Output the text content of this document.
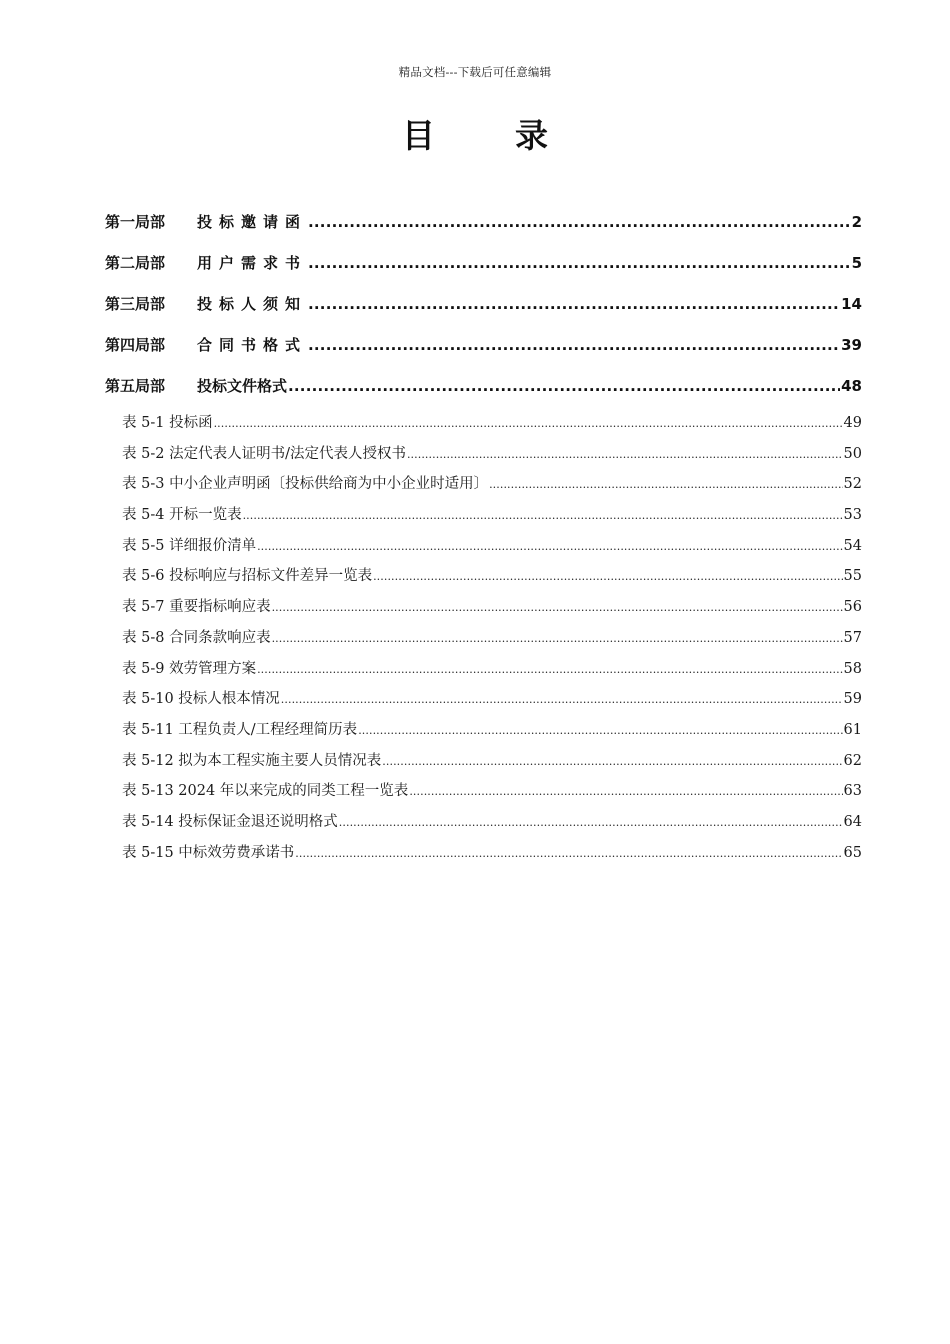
精品文档---下载后可任意编辑
目 录
第一局部	投标邀请函 .....	2
第二局部	用户需求书 .....	5
第三局部	投标人须知 .....	14
第四局部	合同书格式 .....	39
第五局部	投标文件格式 .....	48
表 5-1 投标函 .....	49
表 5-2 法定代表人证明书/法定代表人授权书 .....	50
表 5-3 中小企业声明函〔投标供给商为中小企业时适用〕 .....	52
表 5-4 开标一览表 .....	53
表 5-5 详细报价清单 .....	54
表 5-6 投标响应与招标文件差异一览表 .....	55
表 5-7 重要指标响应表 .....	56
表 5-8 合同条款响应表 .....	57
表 5-9 效劳管理方案 .....	58
表 5-10 投标人根本情况 .....	59
表 5-11 工程负责人/工程经理简历表 .....	61
表 5-12 拟为本工程实施主要人员情况表 .....	62
表 5-13 2024 年以来完成的同类工程一览表 .....	63
表 5-14 投标保证金退还说明格式 .....	64
表 5-15 中标效劳费承诺书 .....	65
